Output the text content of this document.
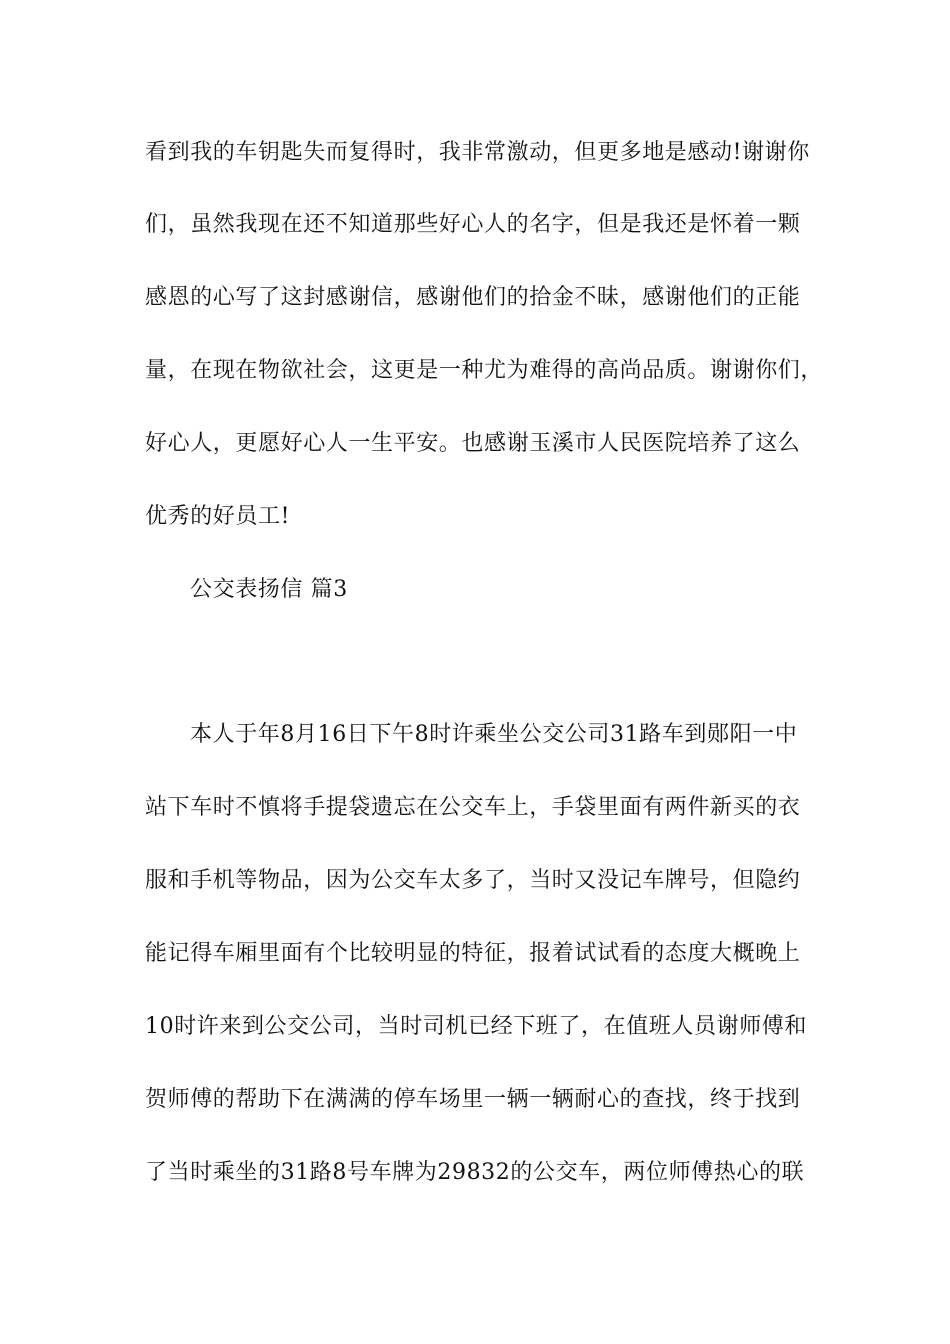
看到我的车钥匙失而复得时，我非常激动，但更多地是感动!谢谢你
们，虽然我现在还不知道那些好心人的名字，但是我还是怀着一颗
感恩的心写了这封感谢信，感谢他们的拾金不昧，感谢他们的正能
量，在现在物欲社会，这更是一种尤为难得的高尚品质。谢谢你们，
好心人，更愿好心人一生平安。也感谢玉溪市人民医院培养了这么
优秀的好员工!
公交表扬信 篇3
本人于年8月16日下午8时许乘坐公交公司31路车到郧阳一中
站下车时不慎将手提袋遗忘在公交车上，手袋里面有两件新买的衣
服和手机等物品，因为公交车太多了，当时又没记车牌号，但隐约
能记得车厢里面有个比较明显的特征，报着试试看的态度大概晚上
10时许来到公交公司，当时司机已经下班了，在值班人员谢师傅和
贺师傅的帮助下在满满的停车场里一辆一辆耐心的查找，终于找到
了当时乘坐的31路8号车牌为29832的公交车，两位师傅热心的联
